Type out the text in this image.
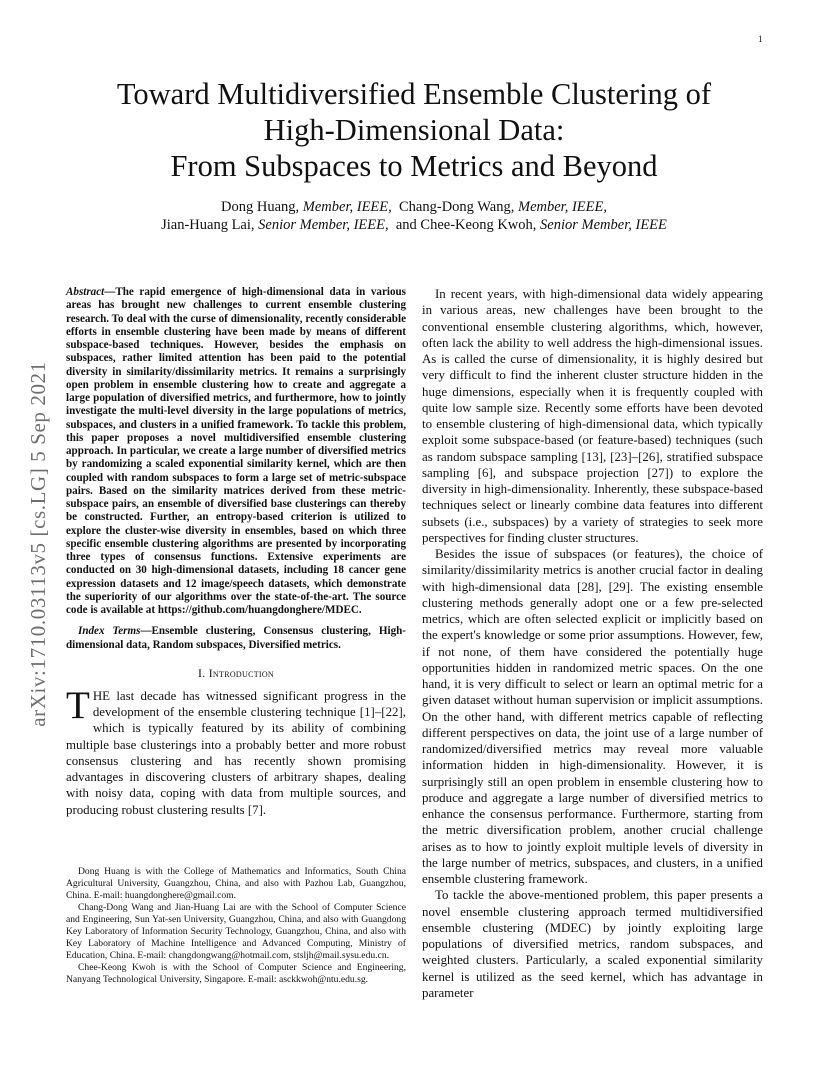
1
arXiv:1710.03113v5 [cs.LG] 5 Sep 2021
Toward Multidiversified Ensemble Clustering of
High-Dimensional Data:
From Subspaces to Metrics and Beyond
Dong Huang, Member, IEEE, Chang-Dong Wang, Member, IEEE,
Jian-Huang Lai, Senior Member, IEEE, and Chee-Keong Kwoh, Senior Member, IEEE

Abstract—The rapid emergence of high-dimensional data in various areas has brought new challenges to current ensemble clustering research. To deal with the curse of dimensionality, recently considerable efforts in ensemble clustering have been made by means of different subspace-based techniques. However, besides the emphasis on subspaces, rather limited attention has been paid to the potential diversity in similarity/dissimilarity metrics. It remains a surprisingly open problem in ensemble clustering how to create and aggregate a large population of diversified metrics, and furthermore, how to jointly investigate the multi-level diversity in the large populations of metrics, subspaces, and clusters in a unified framework. To tackle this problem, this paper proposes a novel multidiversified ensemble clustering approach. In particular, we create a large number of diversified metrics by randomizing a scaled exponential similarity kernel, which are then coupled with random subspaces to form a large set of metric-subspace pairs. Based on the similarity matrices derived from these metric-subspace pairs, an ensemble of diversified base clusterings can thereby be constructed. Further, an entropy-based criterion is utilized to explore the cluster-wise diversity in ensembles, based on which three specific ensemble clustering algorithms are presented by incorporating three types of consensus functions. Extensive experiments are conducted on 30 high-dimensional datasets, including 18 cancer gene expression datasets and 12 image/speech datasets, which demonstrate the superiority of our algorithms over the state-of-the-art. The source code is available at https://github.com/huangdonghere/MDEC.

Index Terms—Ensemble clustering, Consensus clustering, High-dimensional data, Random subspaces, Diversified metrics.

I. Introduction

THE last decade has witnessed significant progress in the development of the ensemble clustering technique [1]–[22], which is typically featured by its ability of combining multiple base clusterings into a probably better and more robust consensus clustering and has recently shown promising advantages in discovering clusters of arbitrary shapes, dealing with noisy data, coping with data from multiple sources, and producing robust clustering results [7].

Dong Huang is with the College of Mathematics and Informatics, South China Agricultural University, Guangzhou, China, and also with Pazhou Lab, Guangzhou, China. E-mail: huangdonghere@gmail.com.

Chang-Dong Wang and Jian-Huang Lai are with the School of Computer Science and Engineering, Sun Yat-sen University, Guangzhou, China, and also with Guangdong Key Laboratory of Information Security Technology, Guangzhou, China, and also with Key Laboratory of Machine Intelligence and Advanced Computing, Ministry of Education, China. E-mail: changdongwang@hotmail.com, stsljh@mail.sysu.edu.cn.

Chee-Keong Kwoh is with the School of Computer Science and Engineering, Nanyang Technological University, Singapore. E-mail: asckkwoh@ntu.edu.sg.

In recent years, with high-dimensional data widely appearing in various areas, new challenges have been brought to the conventional ensemble clustering algorithms, which, however, often lack the ability to well address the high-dimensional issues. As is called the curse of dimensionality, it is highly desired but very difficult to find the inherent cluster structure hidden in the huge dimensions, especially when it is frequently coupled with quite low sample size. Recently some efforts have been devoted to ensemble clustering of high-dimensional data, which typically exploit some subspace-based (or feature-based) techniques (such as random subspace sampling [13], [23]–[26], stratified subspace sampling [6], and subspace projection [27]) to explore the diversity in high-dimensionality. Inherently, these subspace-based techniques select or linearly combine data features into different subsets (i.e., subspaces) by a variety of strategies to seek more perspectives for finding cluster structures.

Besides the issue of subspaces (or features), the choice of similarity/dissimilarity metrics is another crucial factor in dealing with high-dimensional data [28], [29]. The existing ensemble clustering methods generally adopt one or a few pre-selected metrics, which are often selected explicit or implicitly based on the expert's knowledge or some prior assumptions. However, few, if not none, of them have considered the potentially huge opportunities hidden in randomized metric spaces. On the one hand, it is very difficult to select or learn an optimal metric for a given dataset without human supervision or implicit assumptions. On the other hand, with different metrics capable of reflecting different perspectives on data, the joint use of a large number of randomized/diversified metrics may reveal more valuable information hidden in high-dimensionality. However, it is surprisingly still an open problem in ensemble clustering how to produce and aggregate a large number of diversified metrics to enhance the consensus performance. Furthermore, starting from the metric diversification problem, another crucial challenge arises as to how to jointly exploit multiple levels of diversity in the large number of metrics, subspaces, and clusters, in a unified ensemble clustering framework.

To tackle the above-mentioned problem, this paper presents a novel ensemble clustering approach termed multidiversified ensemble clustering (MDEC) by jointly exploiting large populations of diversified metrics, random subspaces, and weighted clusters. Particularly, a scaled exponential similarity kernel is utilized as the seed kernel, which has advantage in parameter
